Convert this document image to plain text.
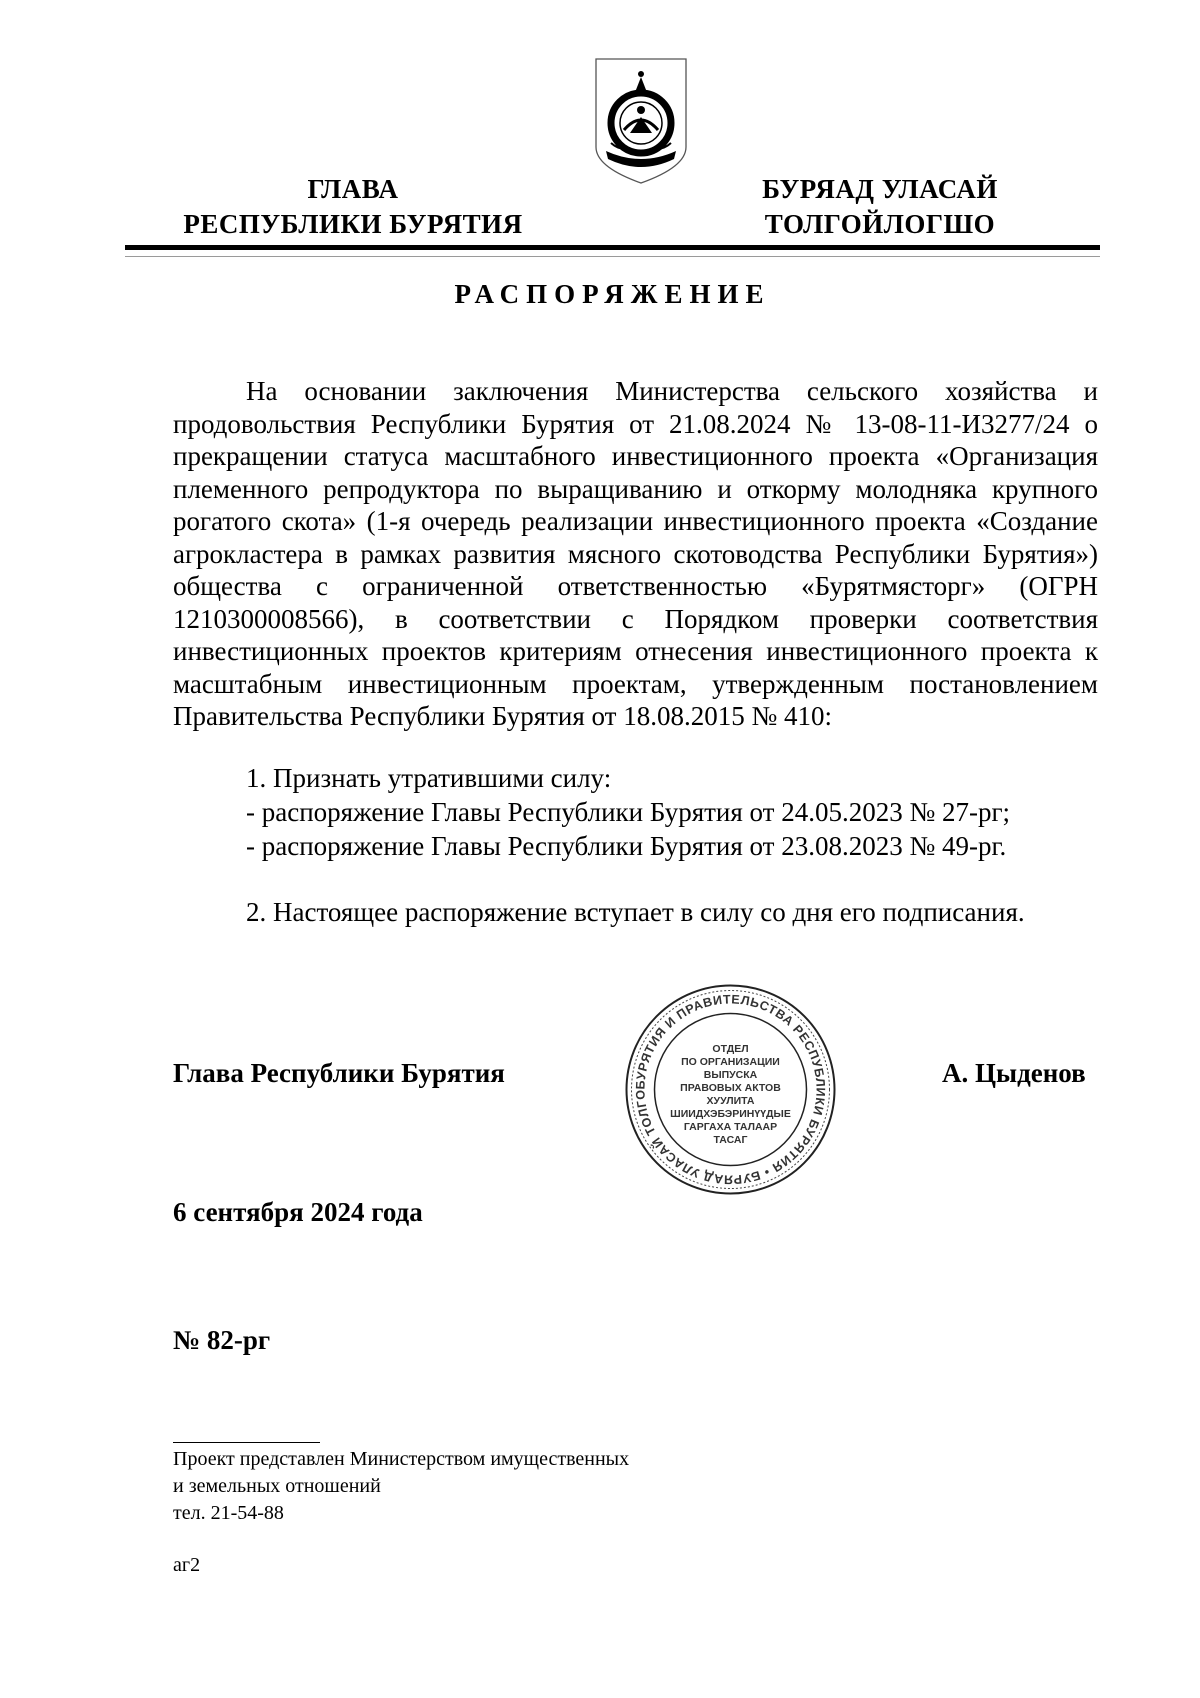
ГЛАВА
РЕСПУБЛИКИ БУРЯТИЯ
БУРЯАД УЛАСАЙ
ТОЛГОЙЛОГШО
РАСПОРЯЖЕНИЕ
На основании заключения Министерства сельского хозяйства и продовольствия Республики Бурятия от 21.08.2024 № 13-08-11-И3277/24 о прекращении статуса масштабного инвестиционного проекта «Организация племенного репродуктора по выращиванию и откорму молодняка крупного рогатого скота» (1-я очередь реализации инвестиционного проекта «Создание агрокластера в рамках развития мясного скотоводства Республики Бурятия») общества с ограниченной ответственностью «Бурятмясторг» (ОГРН 1210300008566), в соответствии с Порядком проверки соответствия инвестиционных проектов критериям отнесения инвестиционного проекта к масштабным инвестиционным проектам, утвержденным постановлением Правительства Республики Бурятия от 18.08.2015 № 410:
1. Признать утратившими силу:
- распоряжение Главы Республики Бурятия от 24.05.2023 № 27-рг;
- распоряжение Главы Республики Бурятия от 23.08.2023 № 49-рг.
2. Настоящее распоряжение вступает в силу со дня его подписания.
Глава Республики Бурятия	БУРЯТИЯ И ПРАВИТЕЛЬСТВА РЕСПУБЛИКИ БУРЯТИЯ • БУРЯАД УЛАСАЙ ТОЛГО
ОТДЕЛ
ПО ОРГАНИЗАЦИИ
ВЫПУСКА
ПРАВОВЫХ АКТОВ
ХУУЛИТА
ШИИДХЭБЭРИНҮҮДЫЕ
ГАРГАХА ТАЛААР
ТАСАГ
А. Цыденов
6 сентября 2024 года
№ 82-рг
Проект представлен Министерством имущественных
и земельных отношений
тел. 21-54-88
аг2
